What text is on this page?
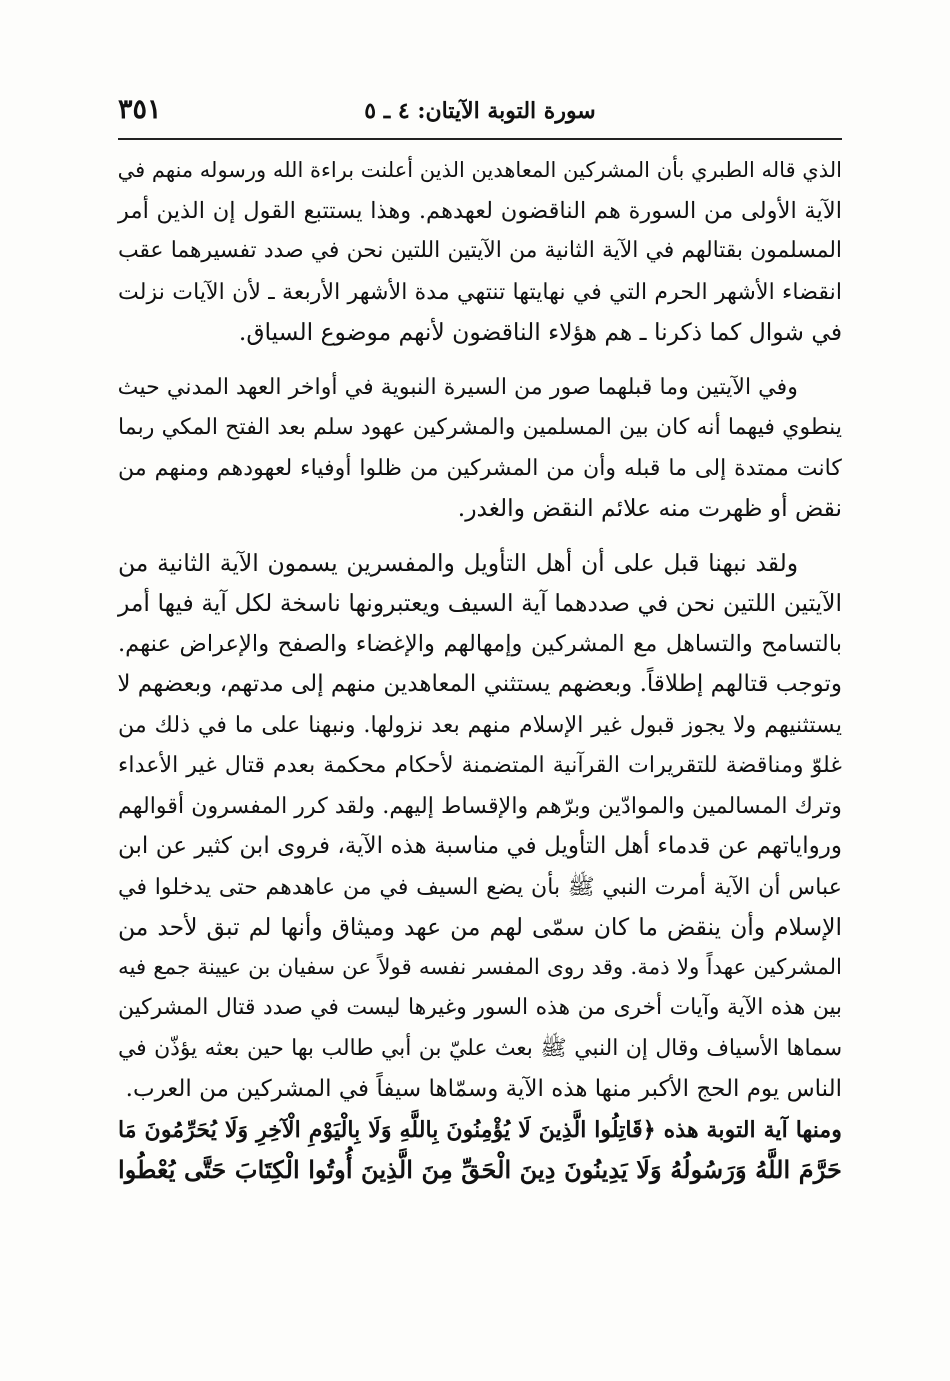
سورة التوبة الآيتان: ٤ ـ ٥
٣٥١
الذي قاله الطبري بأن المشركين المعاهدين الذين أعلنت براءة الله ورسوله منهم في
الآية الأولى من السورة هم الناقضون لعهدهم. وهذا يستتبع القول إن الذين أمر
المسلمون بقتالهم في الآية الثانية من الآيتين اللتين نحن في صدد تفسيرهما عقب
انقضاء الأشهر الحرم التي في نهايتها تنتهي مدة الأشهر الأربعة ـ لأن الآيات نزلت
في شوال كما ذكرنا ـ هم هؤلاء الناقضون لأنهم موضوع السياق.
وفي الآيتين وما قبلهما صور من السيرة النبوية في أواخر العهد المدني حيث
ينطوي فيهما أنه كان بين المسلمين والمشركين عهود سلم بعد الفتح المكي ربما
كانت ممتدة إلى ما قبله وأن من المشركين من ظلوا أوفياء لعهودهم ومنهم من
نقض أو ظهرت منه علائم النقض والغدر.
ولقد نبهنا قبل على أن أهل التأويل والمفسرين يسمون الآية الثانية من
الآيتين اللتين نحن في صددهما آية السيف ويعتبرونها ناسخة لكل آية فيها أمر
بالتسامح والتساهل مع المشركين وإمهالهم والإغضاء والصفح والإعراض عنهم.
وتوجب قتالهم إطلاقاً. وبعضهم يستثني المعاهدين منهم إلى مدتهم، وبعضهم لا
يستثنيهم ولا يجوز قبول غير الإسلام منهم بعد نزولها. ونبهنا على ما في ذلك من
غلوّ ومناقضة للتقريرات القرآنية المتضمنة لأحكام محكمة بعدم قتال غير الأعداء
وترك المسالمين والموادّين وبرّهم والإقساط إليهم. ولقد كرر المفسرون أقوالهم
ورواياتهم عن قدماء أهل التأويل في مناسبة هذه الآية، فروى ابن كثير عن ابن
عباس أن الآية أمرت النبي ﷺ بأن يضع السيف في من عاهدهم حتى يدخلوا في
الإسلام وأن ينقض ما كان سمّى لهم من عهد وميثاق وأنها لم تبق لأحد من
المشركين عهداً ولا ذمة. وقد روى المفسر نفسه قولاً عن سفيان بن عيينة جمع فيه
بين هذه الآية وآيات أخرى من هذه السور وغيرها ليست في صدد قتال المشركين
سماها الأسياف وقال إن النبي ﷺ بعث عليّ بن أبي طالب بها حين بعثه يؤذّن في
الناس يوم الحج الأكبر منها هذه الآية وسمّاها سيفاً في المشركين من العرب.
ومنها آية التوبة هذه ﴿قَاتِلُوا الَّذِينَ لَا يُؤْمِنُونَ بِاللَّهِ وَلَا بِالْيَوْمِ الْآخِرِ وَلَا يُحَرِّمُونَ مَا
حَرَّمَ اللَّهُ وَرَسُولُهُ وَلَا يَدِينُونَ دِينَ الْحَقِّ مِنَ الَّذِينَ أُوتُوا الْكِتَابَ حَتَّى يُعْطُوا
